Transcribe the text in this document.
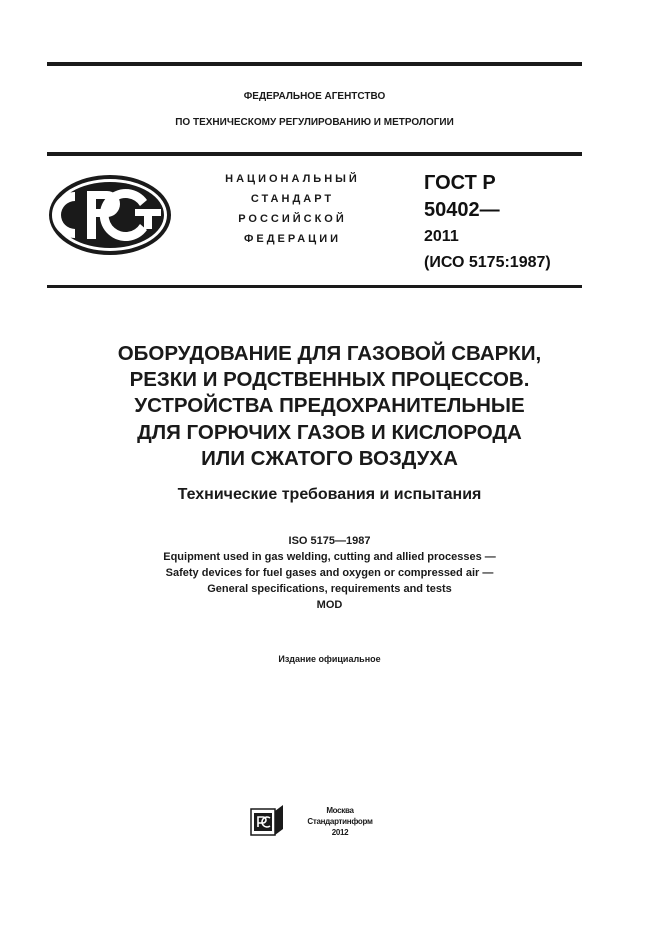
ФЕДЕРАЛЬНОЕ АГЕНТСТВО
ПО ТЕХНИЧЕСКОМУ РЕГУЛИРОВАНИЮ И МЕТРОЛОГИИ
НАЦИОНАЛЬНЫЙ
СТАНДАРТ
РОССИЙСКОЙ
ФЕДЕРАЦИИ
ГОСТ Р
50402—
2011
(ИСО 5175:1987)
ОБОРУДОВАНИЕ ДЛЯ ГАЗОВОЙ СВАРКИ,
РЕЗКИ И РОДСТВЕННЫХ ПРОЦЕССОВ.
УСТРОЙСТВА ПРЕДОХРАНИТЕЛЬНЫЕ
ДЛЯ ГОРЮЧИХ ГАЗОВ И КИСЛОРОДА
ИЛИ СЖАТОГО ВОЗДУХА
Технические требования и испытания
ISO 5175—1987
Equipment used in gas welding, cutting and allied processes —
Safety devices for fuel gases and oxygen or compressed air —
General specifications, requirements and tests
MOD
Издание официальное
Москва
Стандартинформ
2012
